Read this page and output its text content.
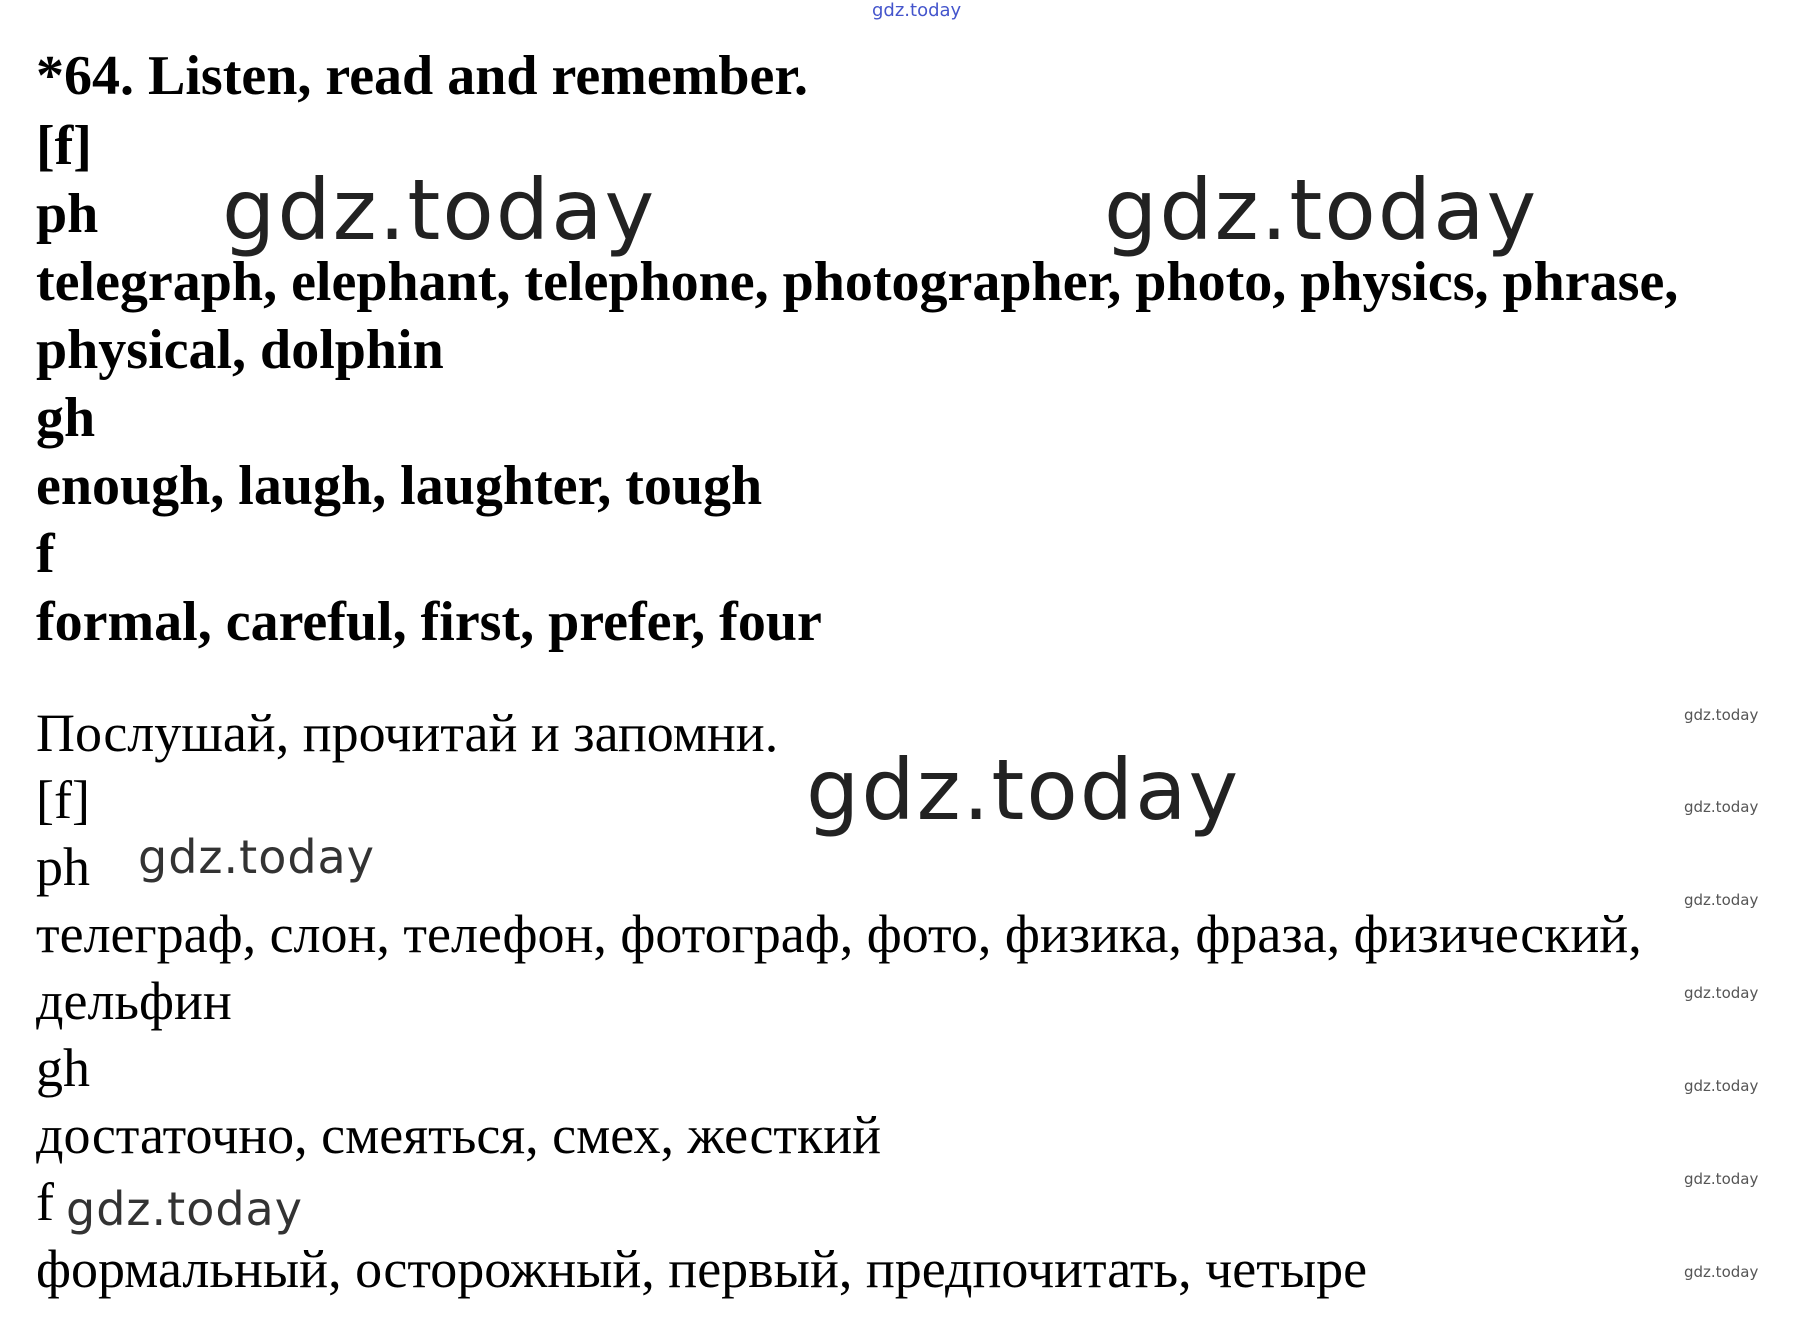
gdz.today
*64. Listen, read and remember.
[f]
ph
telegraph, elephant, telephone, photographer, photo, physics, phrase,
physical, dolphin
gh
enough, laugh, laughter, tough
f
formal, careful, first, prefer, four
Послушай, прочитай и запомни.
[f]
ph
телеграф, слон, телефон, фотограф, фото, физика, фраза, физический,
дельфин
gh
достаточно, смеяться, смех, жесткий
f
формальный, осторожный, первый, предпочитать, четыре
gdz.today	gdz.today
gdz.today
gdz.today
gdz.today
gdz.today
gdz.today
gdz.today
gdz.today
gdz.today
gdz.today
gdz.today
